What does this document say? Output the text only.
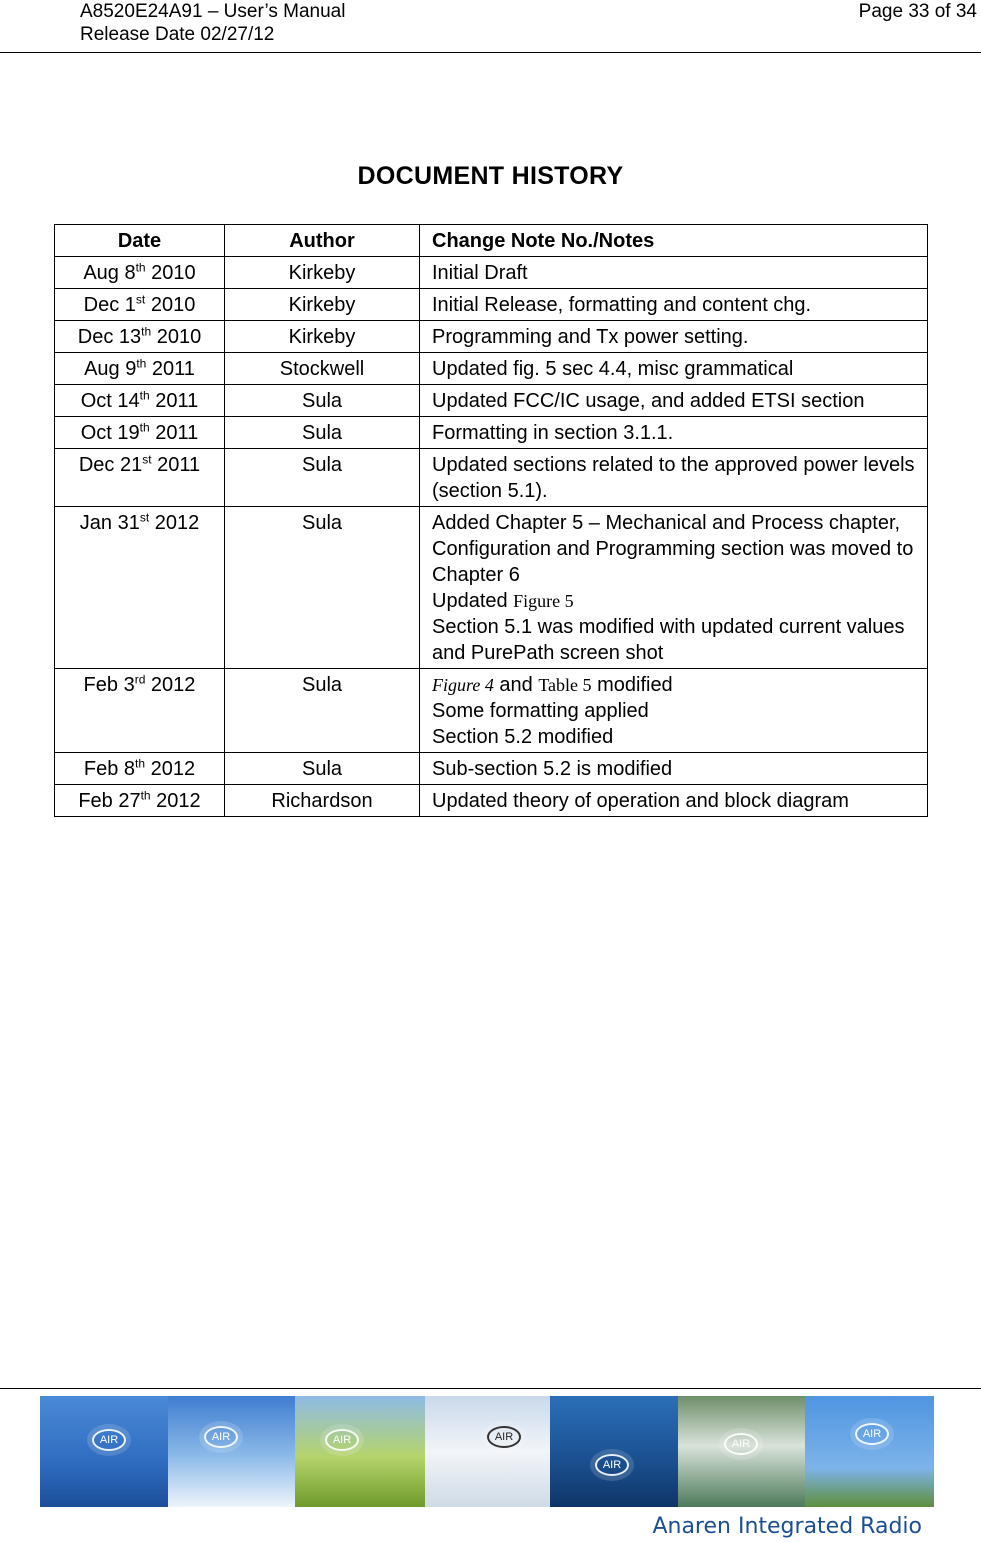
A8520E24A91 – User’s Manual
Release Date 02/27/12
Page 33 of 34
DOCUMENT HISTORY
Date	Author	Change Note No./Notes
Aug 8th 2010	Kirkeby	Initial Draft

Dec 1st 2010	Kirkeby	Initial Release, formatting and content chg.

Dec 13th 2010	Kirkeby	Programming and Tx power setting.

Aug 9th 2011	Stockwell	Updated fig. 5 sec 4.4, misc grammatical

Oct 14th 2011	Sula	Updated FCC/IC usage, and added ETSI section

Oct 19th 2011	Sula	Formatting in section 3.1.1.

Dec 21st 2011	Sula	Updated sections related to the approved power levels (section 5.1).

Jan 31st 2012	Sula	Added Chapter 5 – Mechanical and Process chapter, Configuration and Programming section was moved to Chapter 6
Updated Figure 5
Section 5.1 was modified with updated current values and PurePath screen shot

Feb 3rd 2012	Sula	Figure 4 and Table 5 modified
Some formatting applied
Section 5.2 modified

Feb 8th 2012	Sula	Sub-section 5.2 is modified

Feb 27th 2012	Richardson	Updated theory of operation and block diagram
AIR	AIR	AIR	AIR
AIR
AIR
AIR
Anaren Integrated Radio
